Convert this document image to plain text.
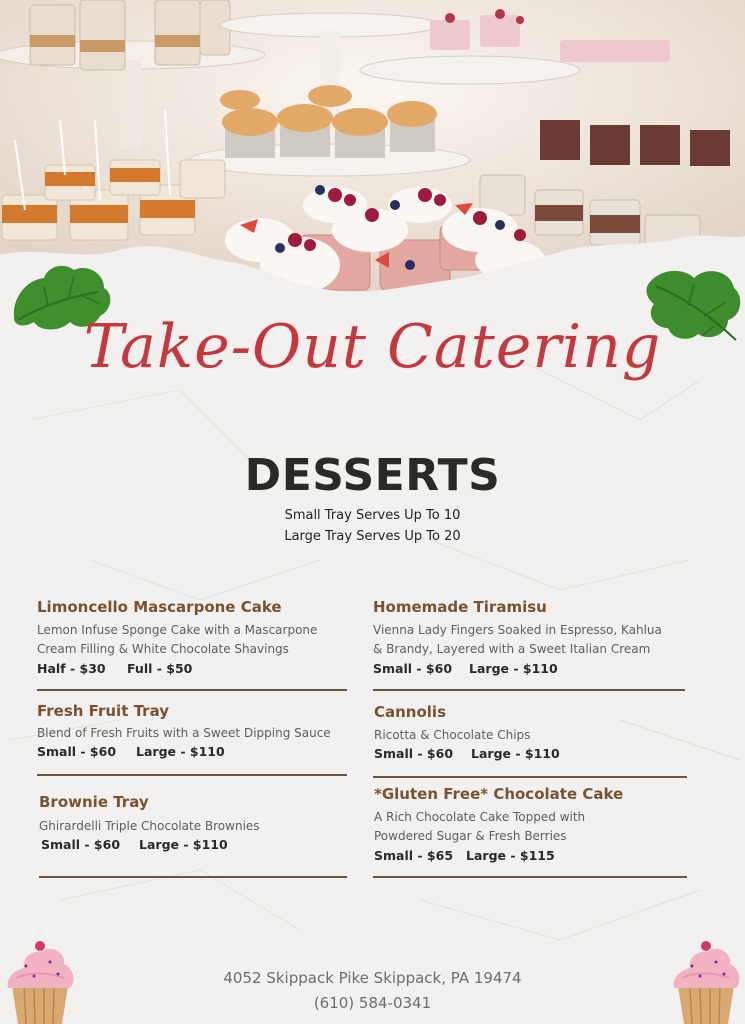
Take-Out Catering
DESSERTS
Small Tray Serves Up To 10
Large Tray Serves Up To 20
Limoncello Mascarpone Cake
Lemon Infuse Sponge Cake with a Mascarpone
Cream Filling & White Chocolate Shavings
Half - $30 Full - $50
Fresh Fruit Tray
Blend of Fresh Fruits with a Sweet Dipping Sauce
Small - $60 Large - $110
Brownie Tray
Ghirardelli Triple Chocolate Brownies
Small - $60 Large - $110
Homemade Tiramisu
Vienna Lady Fingers Soaked in Espresso, Kahlua
& Brandy, Layered with a Sweet Italian Cream
Small - $60 Large - $110
Cannolis
Ricotta & Chocolate Chips
Small - $60 Large - $110
*Gluten Free* Chocolate Cake
A Rich Chocolate Cake Topped with
Powdered Sugar & Fresh Berries
Small - $65 Large - $115
4052 Skippack Pike Skippack, PA 19474
(610) 584-0341
